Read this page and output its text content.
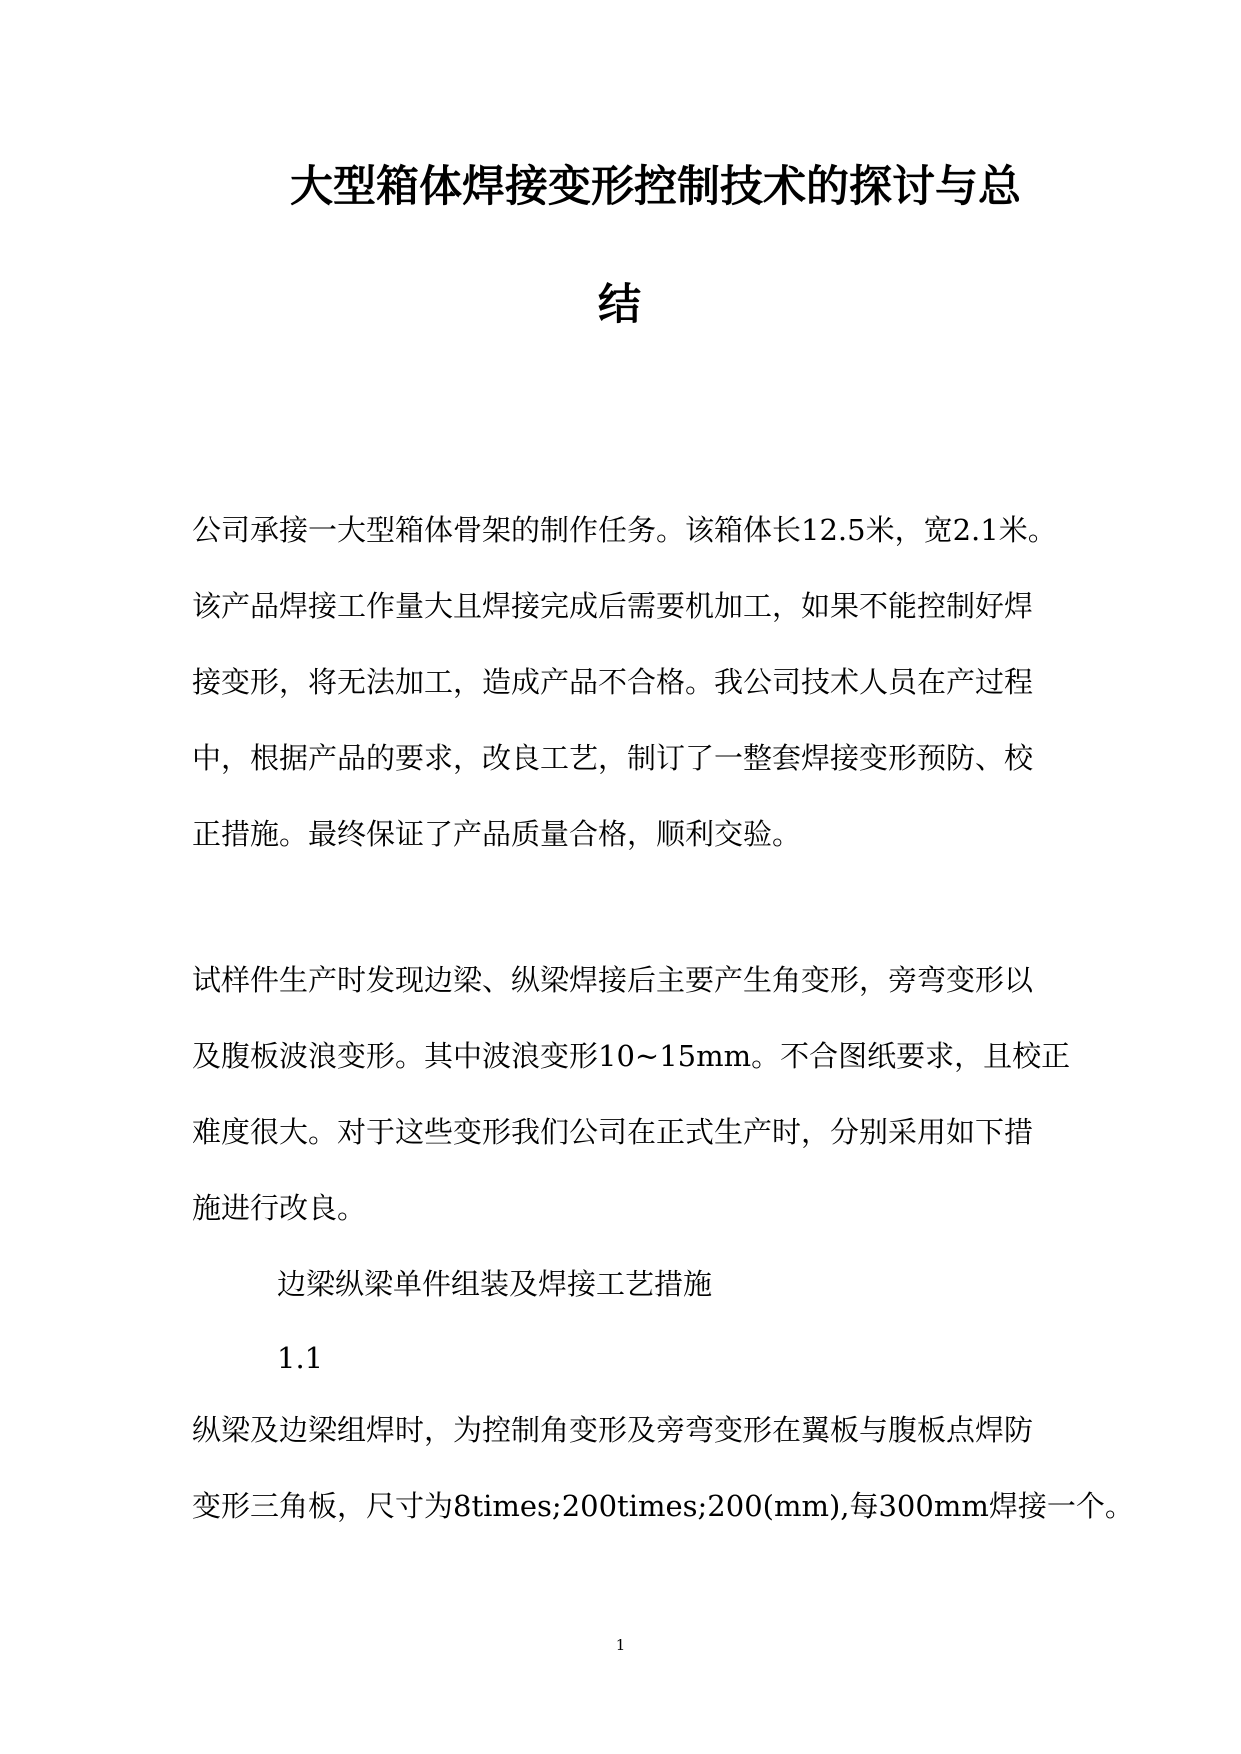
大型箱体焊接变形控制技术的探讨与总
结

公司承接一大型箱体骨架的制作任务。该箱体长12.5米，宽2.1米。

该产品焊接工作量大且焊接完成后需要机加工，如果不能控制好焊

接变形，将无法加工，造成产品不合格。我公司技术人员在产过程

中，根据产品的要求，改良工艺，制订了一整套焊接变形预防、校

正措施。最终保证了产品质量合格，顺利交验。

试样件生产时发现边梁、纵梁焊接后主要产生角变形，旁弯变形以

及腹板波浪变形。其中波浪变形10~15mm。不合图纸要求，且校正

难度很大。对于这些变形我们公司在正式生产时，分别采用如下措

施进行改良。

边梁纵梁单件组装及焊接工艺措施

1.1

纵梁及边梁组焊时，为控制角变形及旁弯变形在翼板与腹板点焊防

变形三角板，尺寸为8times;200times;200(mm),每300mm焊接一个。

1
